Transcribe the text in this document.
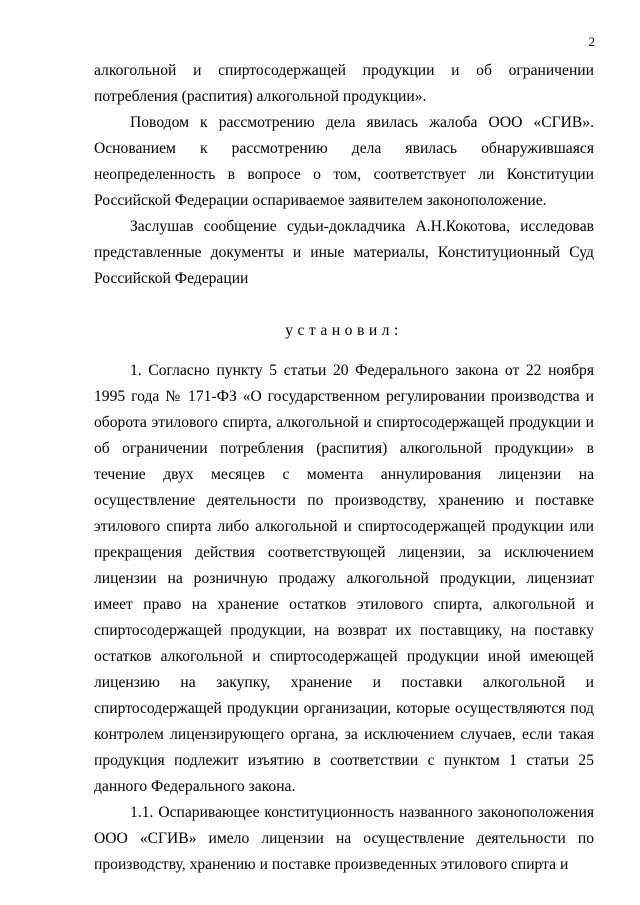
2

алкогольной и спиртосодержащей продукции и об ограничении потребления (распития) алкогольной продукции».

Поводом к рассмотрению дела явилась жалоба ООО «СГИВ». Основанием к рассмотрению дела явилась обнаружившаяся неопределенность в вопросе о том, соответствует ли Конституции Российской Федерации оспариваемое заявителем законоположение.

Заслушав сообщение судьи-докладчика А.Н.Кокотова, исследовав представленные документы и иные материалы, Конституционный Суд Российской Федерации

установил:

1. Согласно пункту 5 статьи 20 Федерального закона от 22 ноября 1995 года № 171-ФЗ «О государственном регулировании производства и оборота этилового спирта, алкогольной и спиртосодержащей продукции и об ограничении потребления (распития) алкогольной продукции» в течение двух месяцев с момента аннулирования лицензии на осуществление деятельности по производству, хранению и поставке этилового спирта либо алкогольной и спиртосодержащей продукции или прекращения действия соответствующей лицензии, за исключением лицензии на розничную продажу алкогольной продукции, лицензиат имеет право на хранение остатков этилового спирта, алкогольной и спиртосодержащей продукции, на возврат их поставщику, на поставку остатков алкогольной и спиртосодержащей продукции иной имеющей лицензию на закупку, хранение и поставки алкогольной и спиртосодержащей продукции организации, которые осуществляются под контролем лицензирующего органа, за исключением случаев, если такая продукция подлежит изъятию в соответствии с пунктом 1 статьи 25 данного Федерального закона.

1.1. Оспаривающее конституционность названного законоположения ООО «СГИВ» имело лицензии на осуществление деятельности по производству, хранению и поставке произведенных этилового спирта и
